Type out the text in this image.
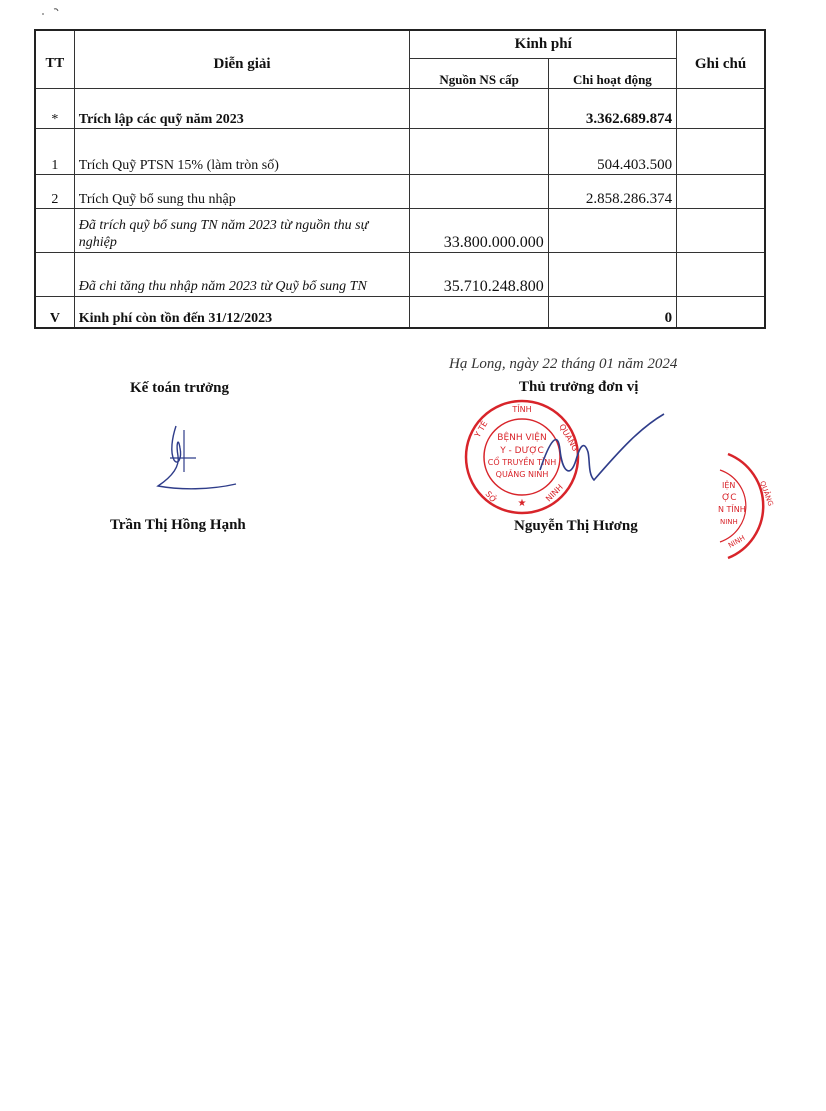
TT	Diễn giải	Kinh phí		Ghi chú
		Nguồn NS cấp	Chi hoạt động	
*	Trích lập các quỹ năm 2023		3.362.689.874	
1	Trích Quỹ PTSN 15% (làm tròn số)		504.403.500	
2	Trích Quỹ bổ sung thu nhập		2.858.286.374	
	Đã trích quỹ bổ sung TN năm 2023 từ nguồn thu sự nghiệp	33.800.000.000		
	Đã chi tăng thu nhập năm 2023 từ Quỹ bổ sung TN	35.710.248.800		
V	Kinh phí còn tồn đến 31/12/2023		0	
Hạ Long, ngày 22 tháng 01 năm 2024
Kế toán trưởng	Thủ trưởng đơn vị
TỈNH
Y TẾ	QUẢNG
SỞ	NINH
BỆNH VIỆN
Y - DƯỢC
CỔ TRUYỀN TỈNH
QUẢNG NINH
★
Trần Thị Hồng Hạnh	Nguyễn Thị Hương
QUẢNG
IỆN
ỢC
N TỈNH
NINH
NINH
